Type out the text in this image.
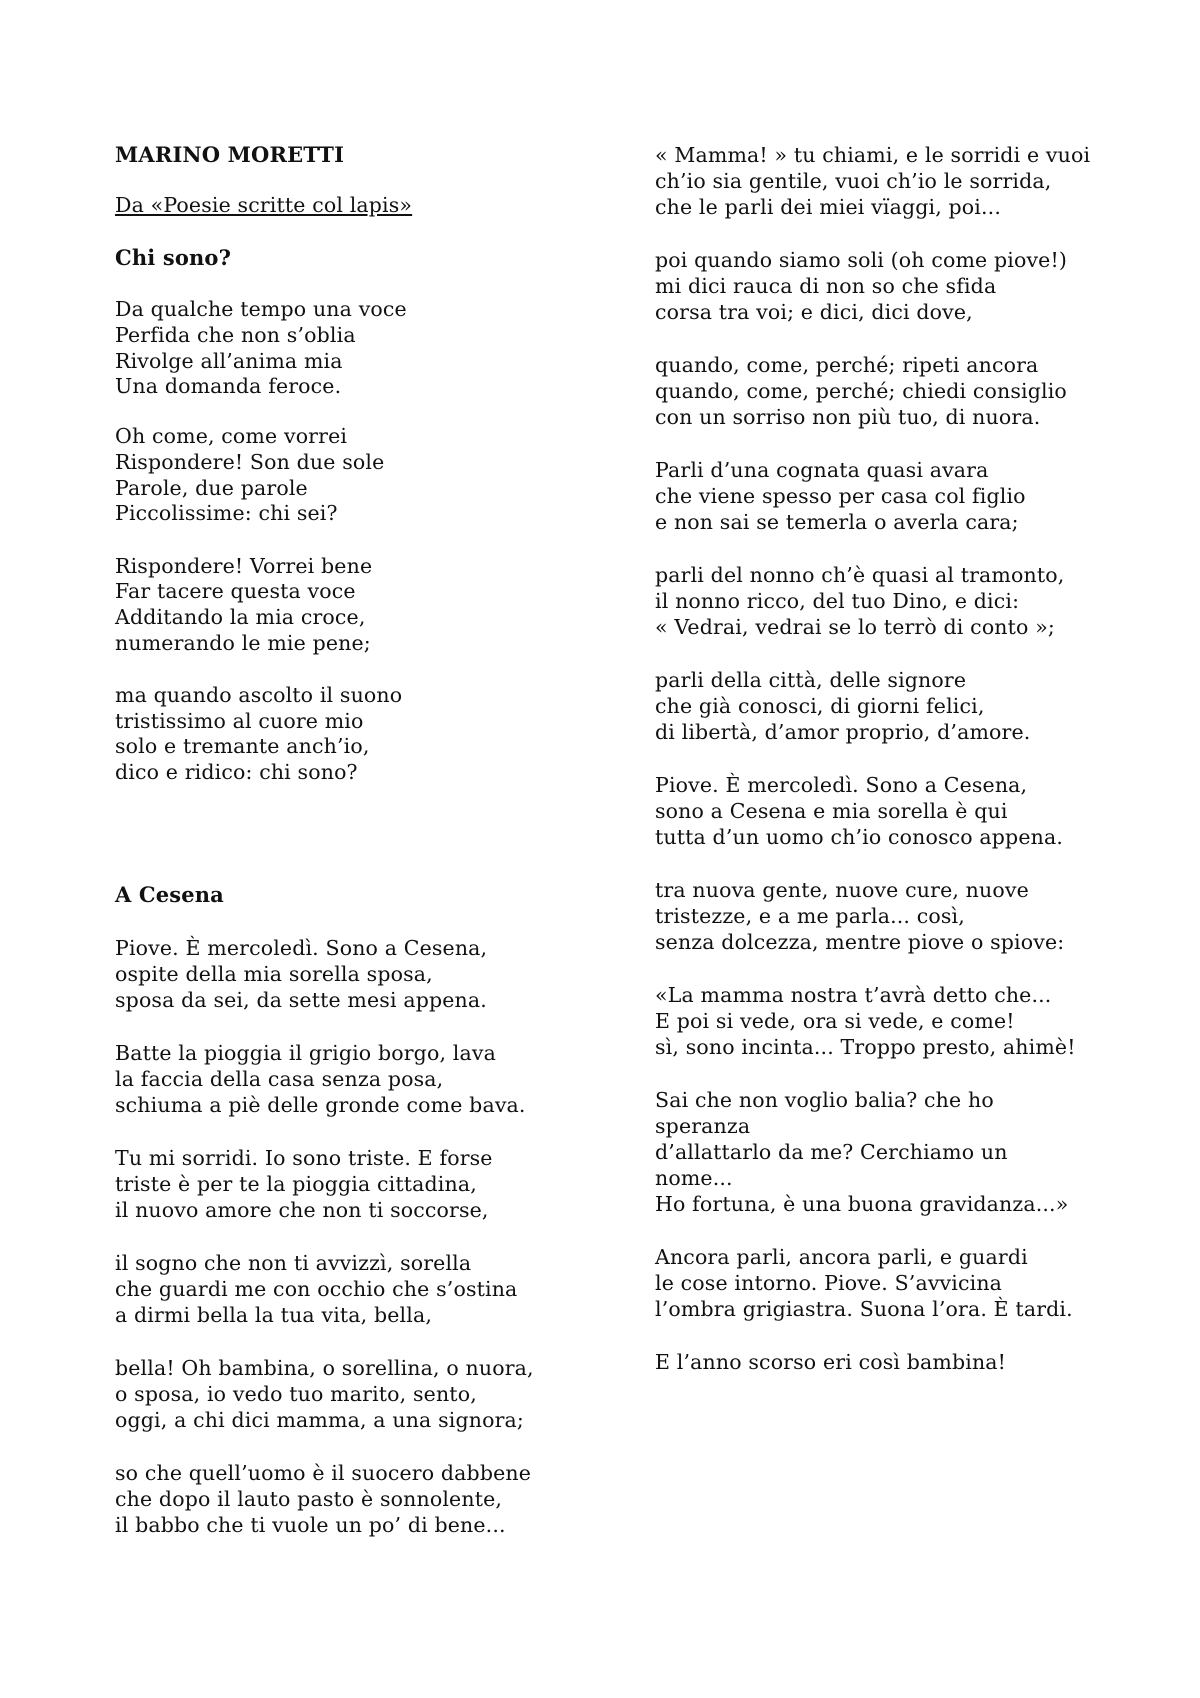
MARINO MORETTI
Da «Poesie scritte col lapis»
Chi sono?
Da qualche tempo una voce
Perfida che non s’oblia
Rivolge all’anima mia
Una domanda feroce.
Oh come, come vorrei
Rispondere! Son due sole
Parole, due parole
Piccolissime: chi sei?
Rispondere! Vorrei bene
Far tacere questa voce
Additando la mia croce,
numerando le mie pene;
ma quando ascolto il suono
tristissimo al cuore mio
solo e tremante anch’io,
dico e ridico: chi sono?
A Cesena
Piove. È mercoledì. Sono a Cesena,
ospite della mia sorella sposa,
sposa da sei, da sette mesi appena.
Batte la pioggia il grigio borgo, lava
la faccia della casa senza posa,
schiuma a piè delle gronde come bava.
Tu mi sorridi. Io sono triste. E forse
triste è per te la pioggia cittadina,
il nuovo amore che non ti soccorse,
il sogno che non ti avvizzì, sorella
che guardi me con occhio che s’ostina
a dirmi bella la tua vita, bella,
bella! Oh bambina, o sorellina, o nuora,
o sposa, io vedo tuo marito, sento,
oggi, a chi dici mamma, a una signora;
so che quell’uomo è il suocero dabbene
che dopo il lauto pasto è sonnolente,
il babbo che ti vuole un po’ di bene...
« Mamma! » tu chiami, e le sorridi e vuoi
ch’io sia gentile, vuoi ch’io le sorrida,
che le parli dei miei vïaggi, poi...
poi quando siamo soli (oh come piove!)
mi dici rauca di non so che sfida
corsa tra voi; e dici, dici dove,
quando, come, perché; ripeti ancora
quando, come, perché; chiedi consiglio
con un sorriso non più tuo, di nuora.
Parli d’una cognata quasi avara
che viene spesso per casa col figlio
e non sai se temerla o averla cara;
parli del nonno ch’è quasi al tramonto,
il nonno ricco, del tuo Dino, e dici:
« Vedrai, vedrai se lo terrò di conto »;
parli della città, delle signore
che già conosci, di giorni felici,
di libertà, d’amor proprio, d’amore.
Piove. È mercoledì. Sono a Cesena,
sono a Cesena e mia sorella è qui
tutta d’un uomo ch’io conosco appena.
tra nuova gente, nuove cure, nuove
tristezze, e a me parla... così,
senza dolcezza, mentre piove o spiove:
«La mamma nostra t’avrà detto che...
E poi si vede, ora si vede, e come!
sì, sono incinta... Troppo presto, ahimè!
Sai che non voglio balia? che ho
speranza
d’allattarlo da me? Cerchiamo un
nome...
Ho fortuna, è una buona gravidanza...»
Ancora parli, ancora parli, e guardi
le cose intorno. Piove. S’avvicina
l’ombra grigiastra. Suona l’ora. È tardi.
E l’anno scorso eri così bambina!
